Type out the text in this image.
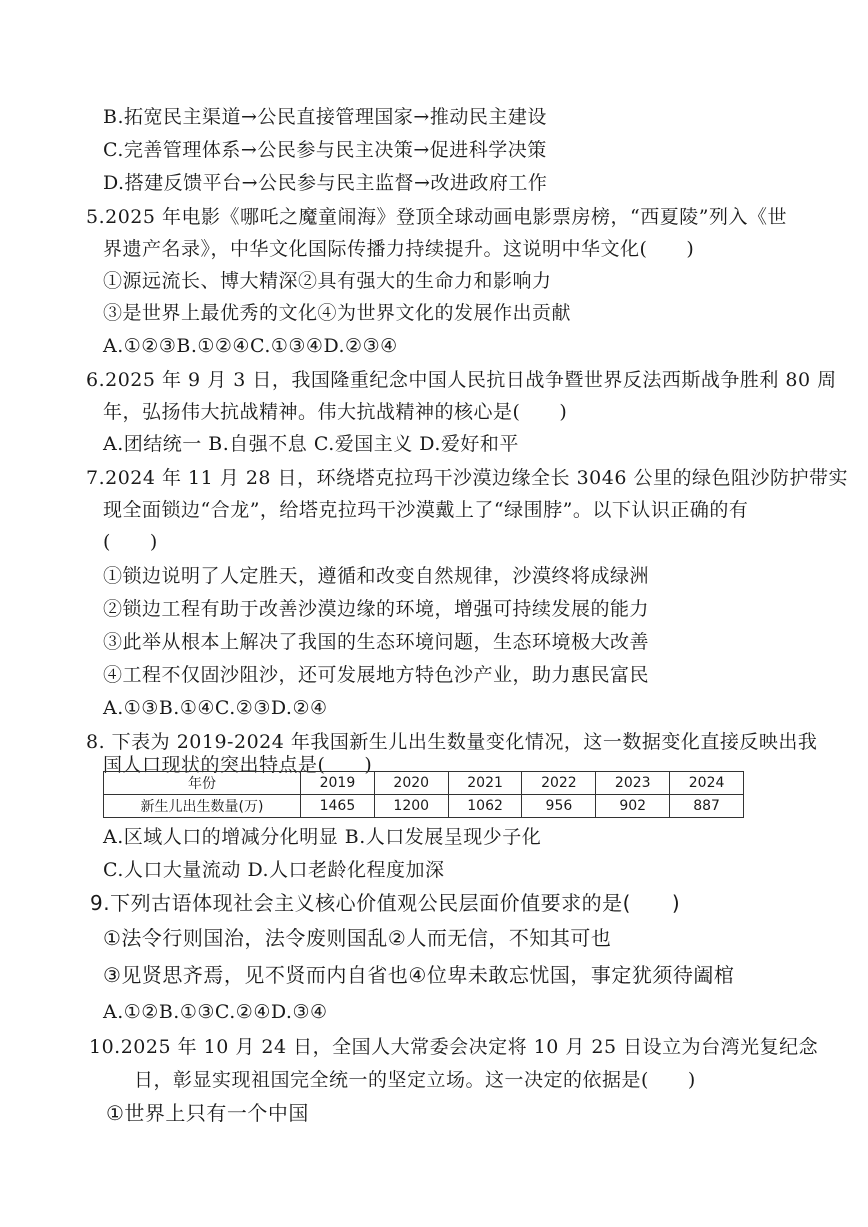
B.拓宽民主渠道→公民直接管理国家→推动民主建设
C.完善管理体系→公民参与民主决策→促进科学决策
D.搭建反馈平台→公民参与民主监督→改进政府工作
5.2025 年电影《哪吒之魔童闹海》登顶全球动画电影票房榜，“西夏陵”列入《世
界遗产名录》，中华文化国际传播力持续提升。这说明中华文化(　　)
①源远流长、博大精深②具有强大的生命力和影响力
③是世界上最优秀的文化④为世界文化的发展作出贡献
A.①②③B.①②④C.①③④D.②③④
6.2025 年 9 月 3 日，我国隆重纪念中国人民抗日战争暨世界反法西斯战争胜利 80 周
年，弘扬伟大抗战精神。伟大抗战精神的核心是(　　)
A.团结统一 B.自强不息 C.爱国主义 D.爱好和平
7.2024 年 11 月 28 日，环绕塔克拉玛干沙漠边缘全长 3046 公里的绿色阻沙防护带实
现全面锁边“合龙”，给塔克拉玛干沙漠戴上了“绿围脖”。以下认识正确的有
(　　)
①锁边说明了人定胜天，遵循和改变自然规律，沙漠终将成绿洲
②锁边工程有助于改善沙漠边缘的环境，增强可持续发展的能力
③此举从根本上解决了我国的生态环境问题，生态环境极大改善
④工程不仅固沙阻沙，还可发展地方特色沙产业，助力惠民富民
A.①③B.①④C.②③D.②④
8. 下表为 2019-2024 年我国新生儿出生数量变化情况，这一数据变化直接反映出我
国人口现状的突出特点是(　　)
年份	2019	2020	2021	2022	2023	2024
新生儿出生数量(万)	1465	1200	1062	956	902	887
A.区域人口的增减分化明显 B.人口发展呈现少子化
C.人口大量流动 D.人口老龄化程度加深
9.下列古语体现社会主义核心价值观公民层面价值要求的是(　　)
①法令行则国治，法令废则国乱②人而无信，不知其可也
③见贤思齐焉，见不贤而内自省也④位卑未敢忘忧国，事定犹须待阖棺
A.①②B.①③C.②④D.③④
10.2025 年 10 月 24 日，全国人大常委会决定将 10 月 25 日设立为台湾光复纪念
日，彰显实现祖国完全统一的坚定立场。这一决定的依据是(　　)
①世界上只有一个中国
